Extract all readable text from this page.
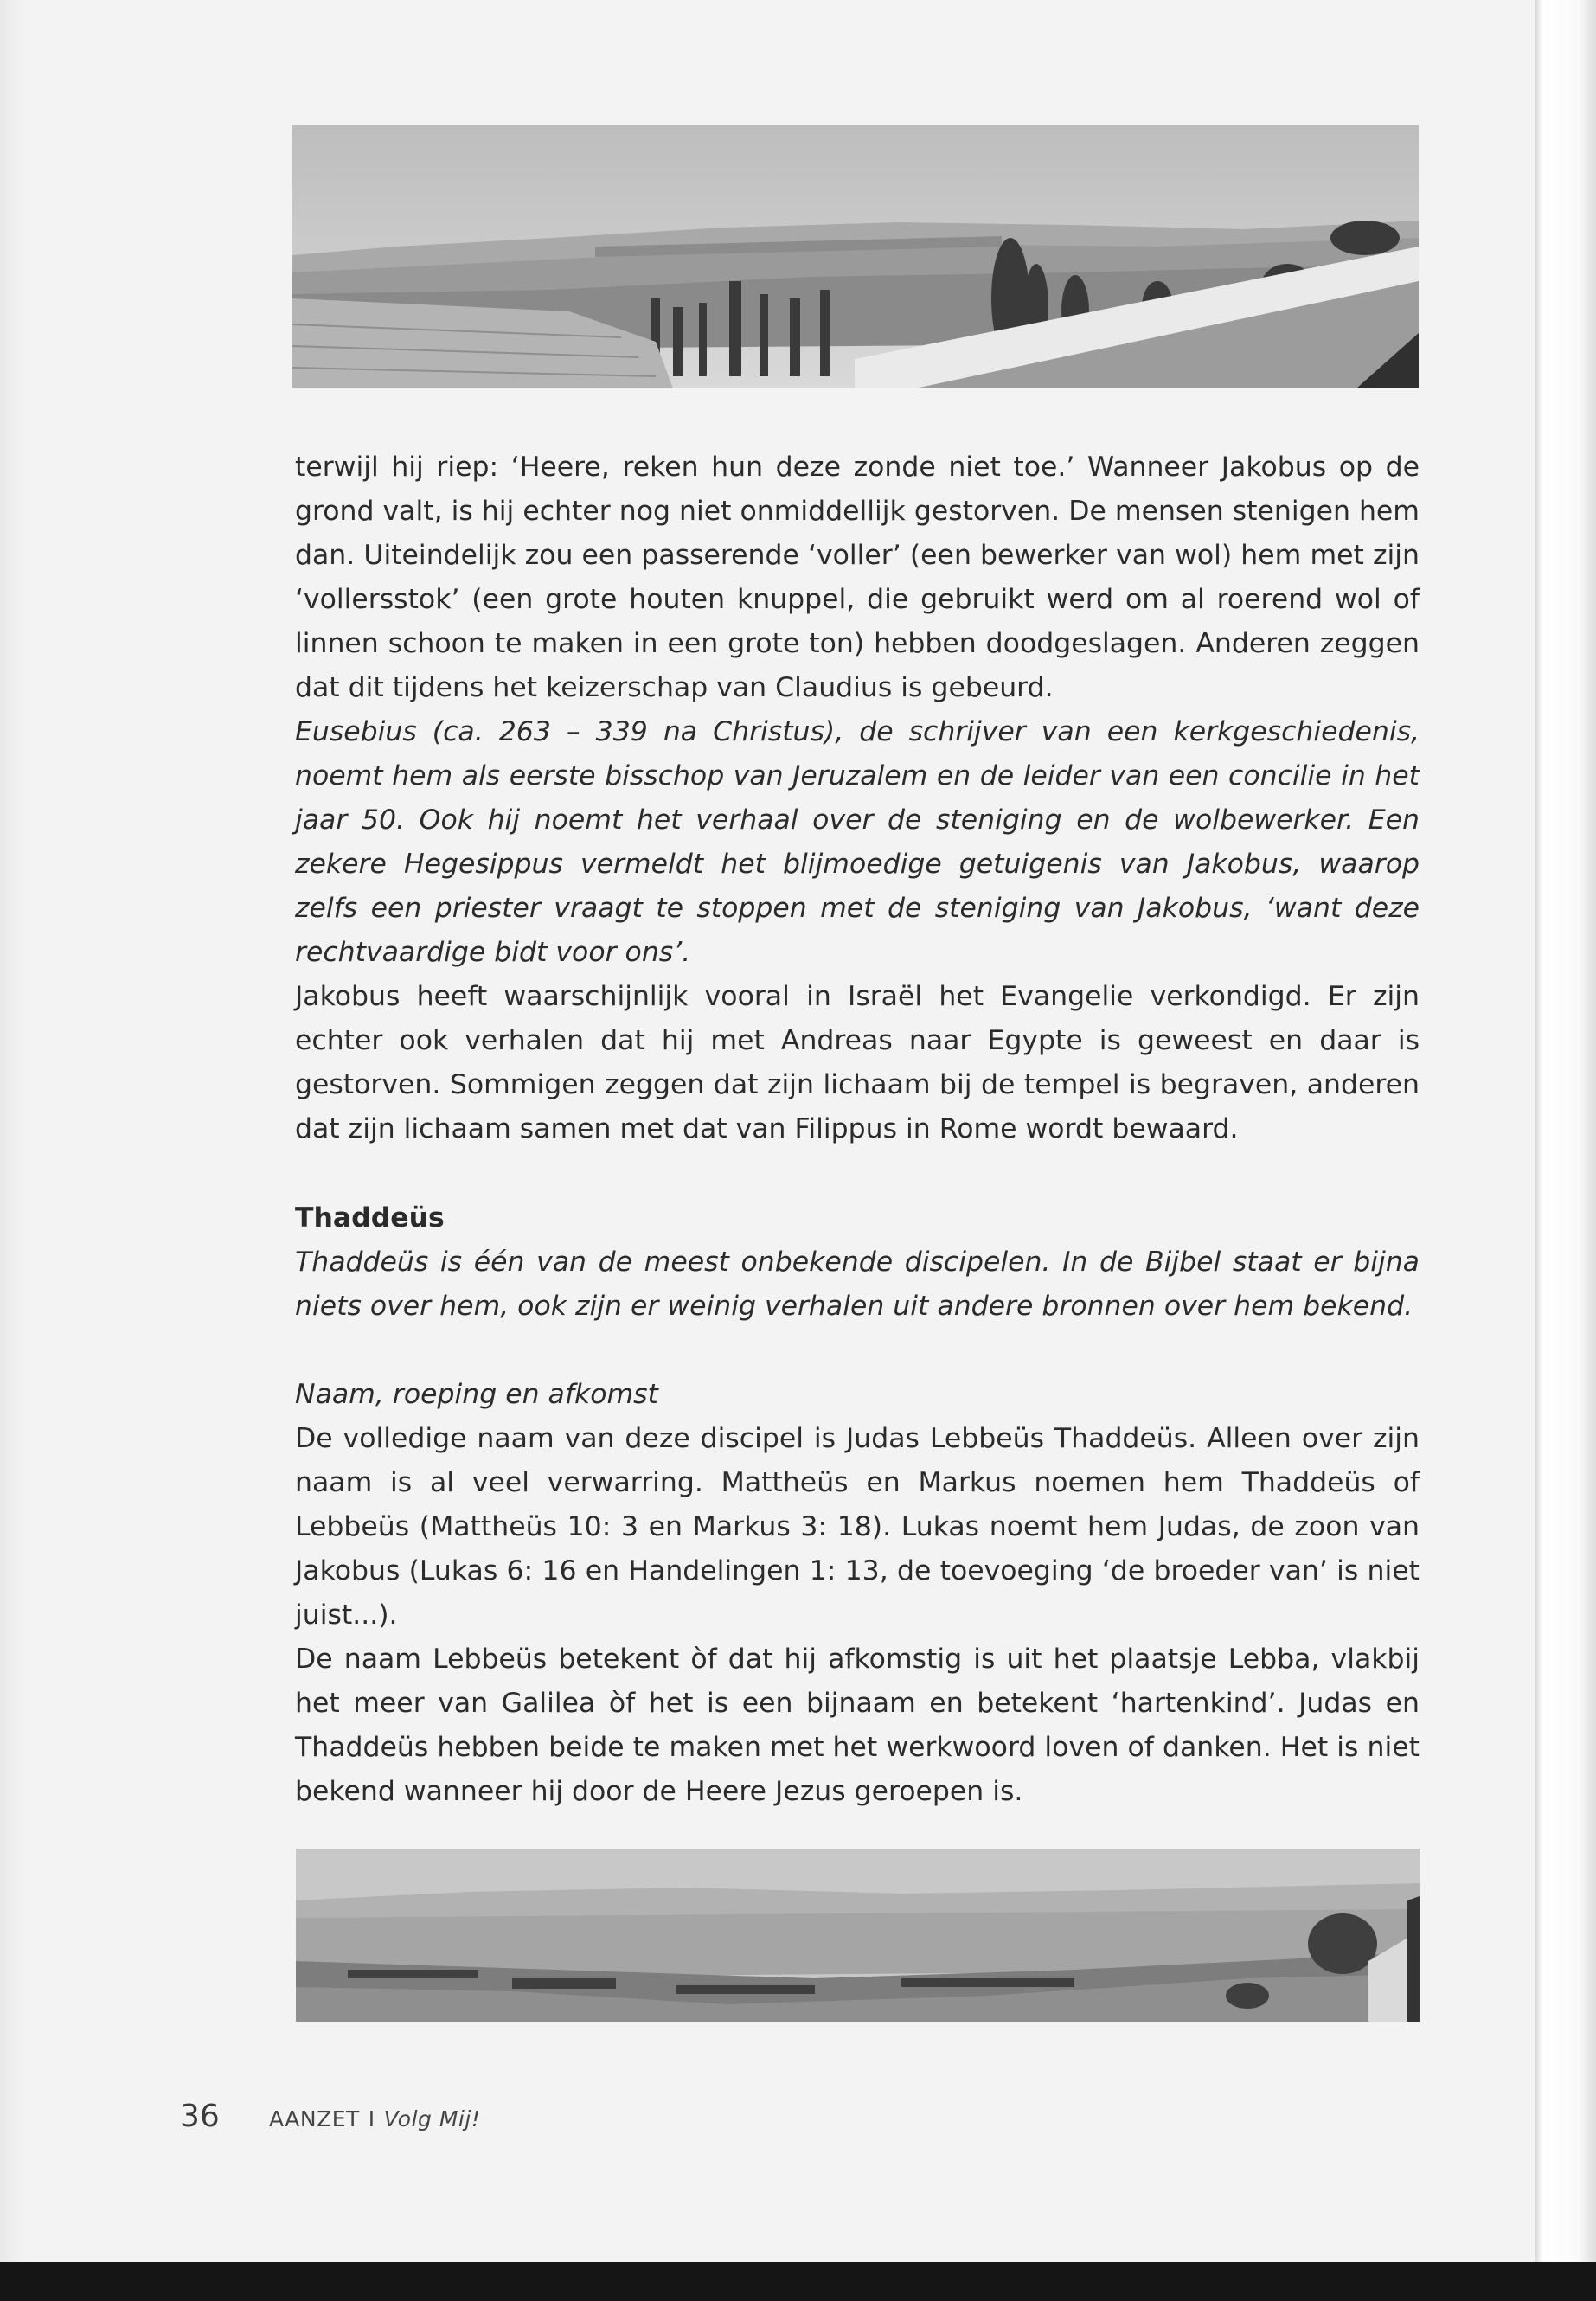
terwijl hij riep: ‘Heere, reken hun deze zonde niet toe.’ Wanneer Jakobus op de grond valt, is hij echter nog niet onmiddellijk gestorven. De mensen stenigen hem dan. Uiteindelijk zou een passerende ‘voller’ (een bewerker van wol) hem met zijn ‘vollersstok’ (een grote houten knuppel, die gebruikt werd om al roerend wol of linnen schoon te maken in een grote ton) hebben doodgeslagen. Anderen zeggen dat dit tijdens het keizerschap van Claudius is gebeurd.

Eusebius (ca. 263 – 339 na Christus), de schrijver van een kerkgeschiedenis, noemt hem als eerste bisschop van Jeruzalem en de leider van een concilie in het jaar 50. Ook hij noemt het verhaal over de steniging en de wolbewerker. Een zekere Hegesippus vermeldt het blijmoedige getuigenis van Jakobus, waarop zelfs een priester vraagt te stoppen met de steniging van Jakobus, ‘want deze rechtvaardige bidt voor ons’.

Jakobus heeft waarschijnlijk vooral in Israël het Evangelie verkondigd. Er zijn echter ook verhalen dat hij met Andreas naar Egypte is geweest en daar is gestorven. Sommigen zeggen dat zijn lichaam bij de tempel is begraven, anderen dat zijn lichaam samen met dat van Filippus in Rome wordt bewaard.

Thaddeüs

Thaddeüs is één van de meest onbekende discipelen. In de Bijbel staat er bijna niets over hem, ook zijn er weinig verhalen uit andere bronnen over hem bekend.

Naam, roeping en afkomst

De volledige naam van deze discipel is Judas Lebbeüs Thaddeüs. Alleen over zijn naam is al veel verwarring. Mattheüs en Markus noemen hem Thaddeüs of Lebbeüs (Mattheüs 10: 3 en Markus 3: 18). Lukas noemt hem Judas, de zoon van Jakobus (Lukas 6: 16 en Handelingen 1: 13, de toevoeging ‘de broeder van’ is niet juist...).

De naam Lebbeüs betekent òf dat hij afkomstig is uit het plaatsje Lebba, vlakbij het meer van Galilea òf het is een bijnaam en betekent ‘hartenkind’. Judas en Thaddeüs hebben beide te maken met het werkwoord loven of danken. Het is niet bekend wanneer hij door de Heere Jezus geroepen is.

36 AANZET I Volg Mij!
